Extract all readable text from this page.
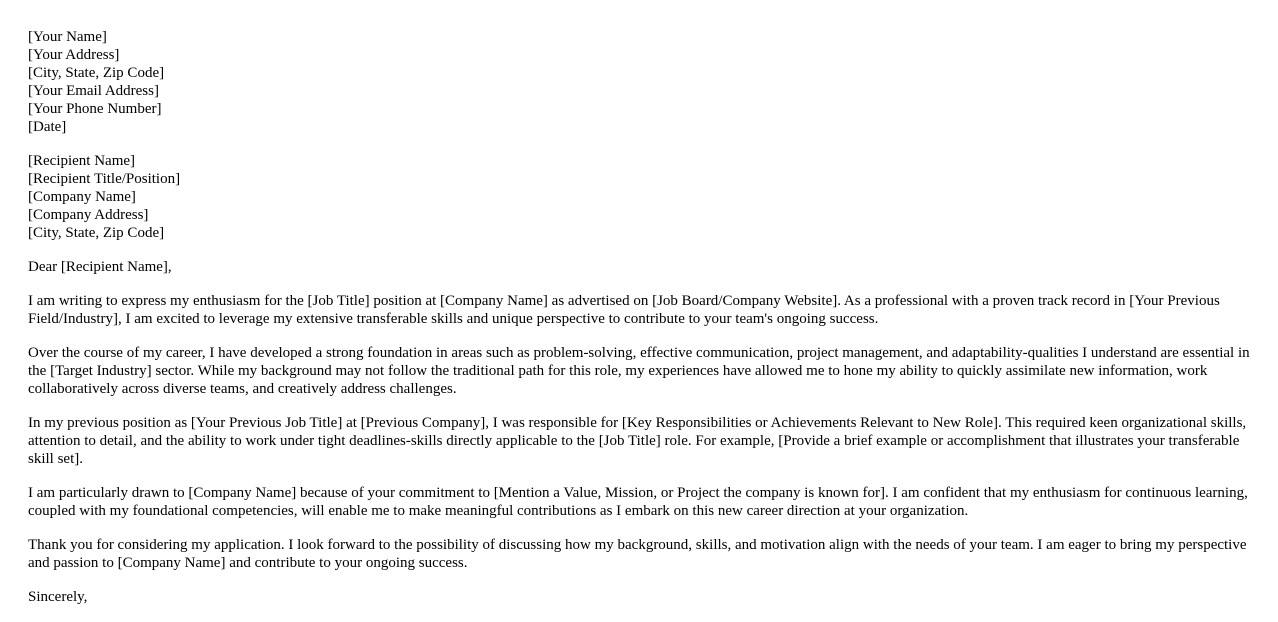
[Your Name]
[Your Address]
[City, State, Zip Code]
[Your Email Address]
[Your Phone Number]
[Date]
[Recipient Name]
[Recipient Title/Position]
[Company Name]
[Company Address]
[City, State, Zip Code]

Dear [Recipient Name],

I am writing to express my enthusiasm for the [Job Title] position at [Company Name] as advertised on [Job Board/Company Website]. As a professional with a proven track record in [Your Previous Field/Industry], I am excited to leverage my extensive transferable skills and unique perspective to contribute to your team's ongoing success.

Over the course of my career, I have developed a strong foundation in areas such as problem-solving, effective communication, project management, and adaptability-qualities I understand are essential in the [Target Industry] sector. While my background may not follow the traditional path for this role, my experiences have allowed me to hone my ability to quickly assimilate new information, work collaboratively across diverse teams, and creatively address challenges.

In my previous position as [Your Previous Job Title] at [Previous Company], I was responsible for [Key Responsibilities or Achievements Relevant to New Role]. This required keen organizational skills, attention to detail, and the ability to work under tight deadlines-skills directly applicable to the [Job Title] role. For example, [Provide a brief example or accomplishment that illustrates your transferable skill set].

I am particularly drawn to [Company Name] because of your commitment to [Mention a Value, Mission, or Project the company is known for]. I am confident that my enthusiasm for continuous learning, coupled with my foundational competencies, will enable me to make meaningful contributions as I embark on this new career direction at your organization.

Thank you for considering my application. I look forward to the possibility of discussing how my background, skills, and motivation align with the needs of your team. I am eager to bring my perspective and passion to [Company Name] and contribute to your ongoing success.

Sincerely,
